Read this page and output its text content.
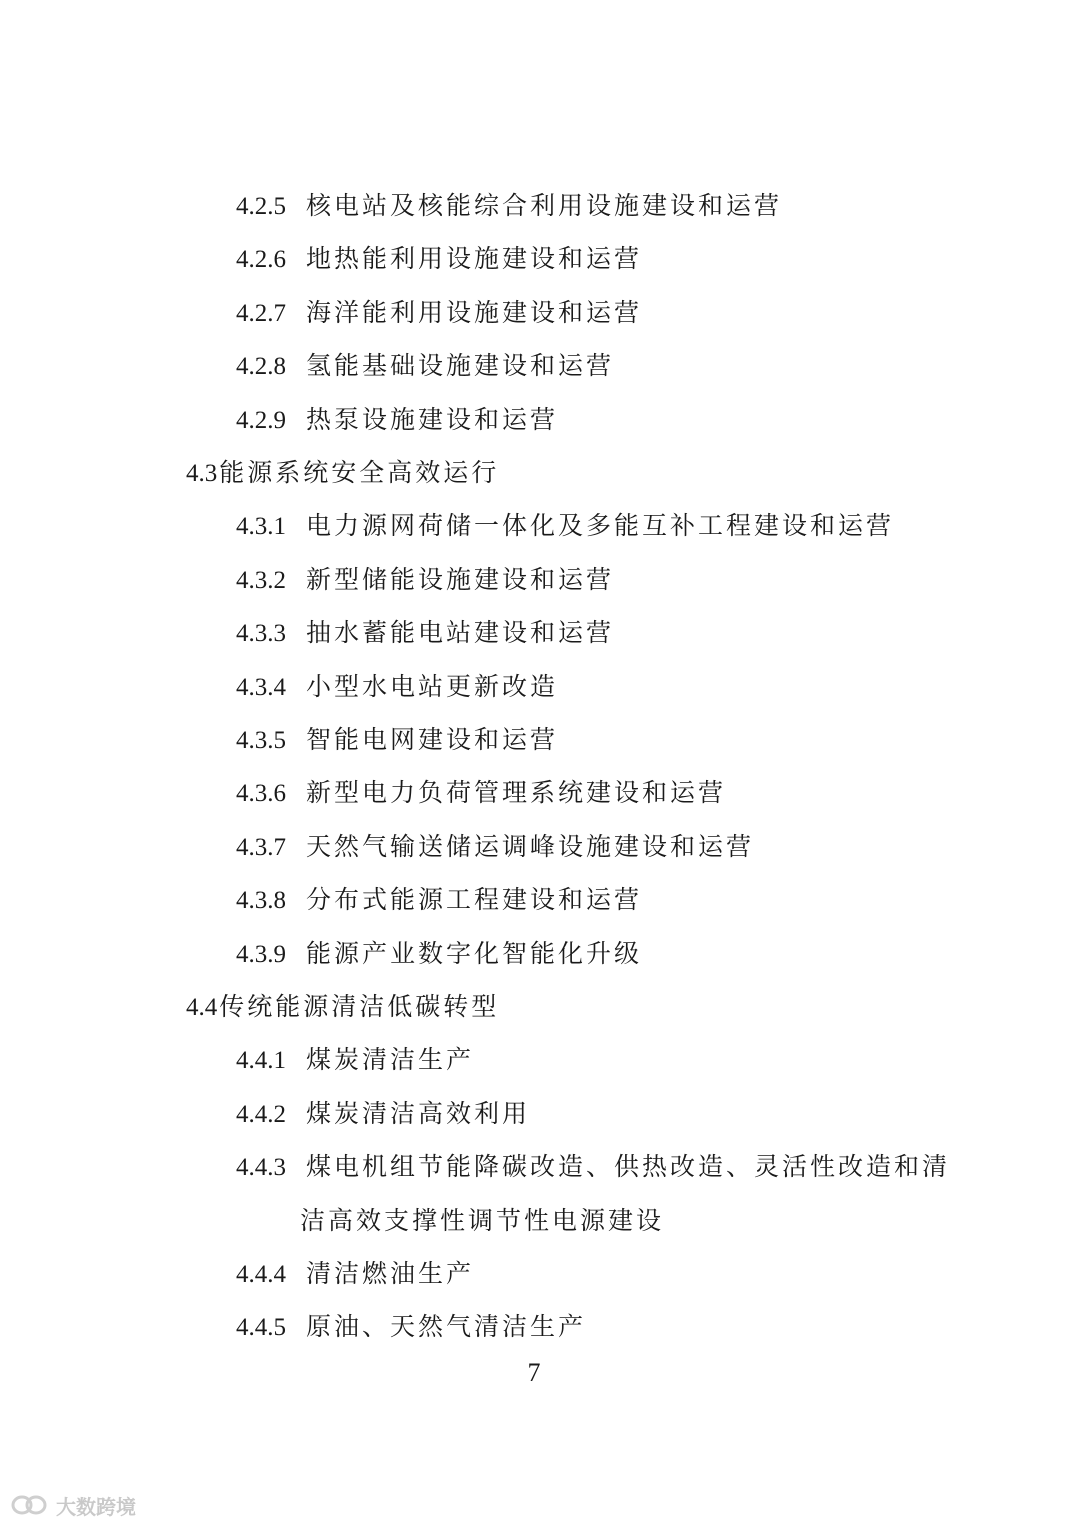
4.2.5 核电站及核能综合利用设施建设和运营
4.2.6 地热能利用设施建设和运营
4.2.7 海洋能利用设施建设和运营
4.2.8 氢能基础设施建设和运营
4.2.9 热泵设施建设和运营
4.3能源系统安全高效运行
4.3.1 电力源网荷储一体化及多能互补工程建设和运营
4.3.2 新型储能设施建设和运营
4.3.3 抽水蓄能电站建设和运营
4.3.4 小型水电站更新改造
4.3.5 智能电网建设和运营
4.3.6 新型电力负荷管理系统建设和运营
4.3.7 天然气输送储运调峰设施建设和运营
4.3.8 分布式能源工程建设和运营
4.3.9 能源产业数字化智能化升级
4.4传统能源清洁低碳转型
4.4.1 煤炭清洁生产
4.4.2 煤炭清洁高效利用
4.4.3 煤电机组节能降碳改造、供热改造、灵活性改造和清
洁高效支撑性调节性电源建设
4.4.4 清洁燃油生产
4.4.5 原油、天然气清洁生产
7
大数跨境
